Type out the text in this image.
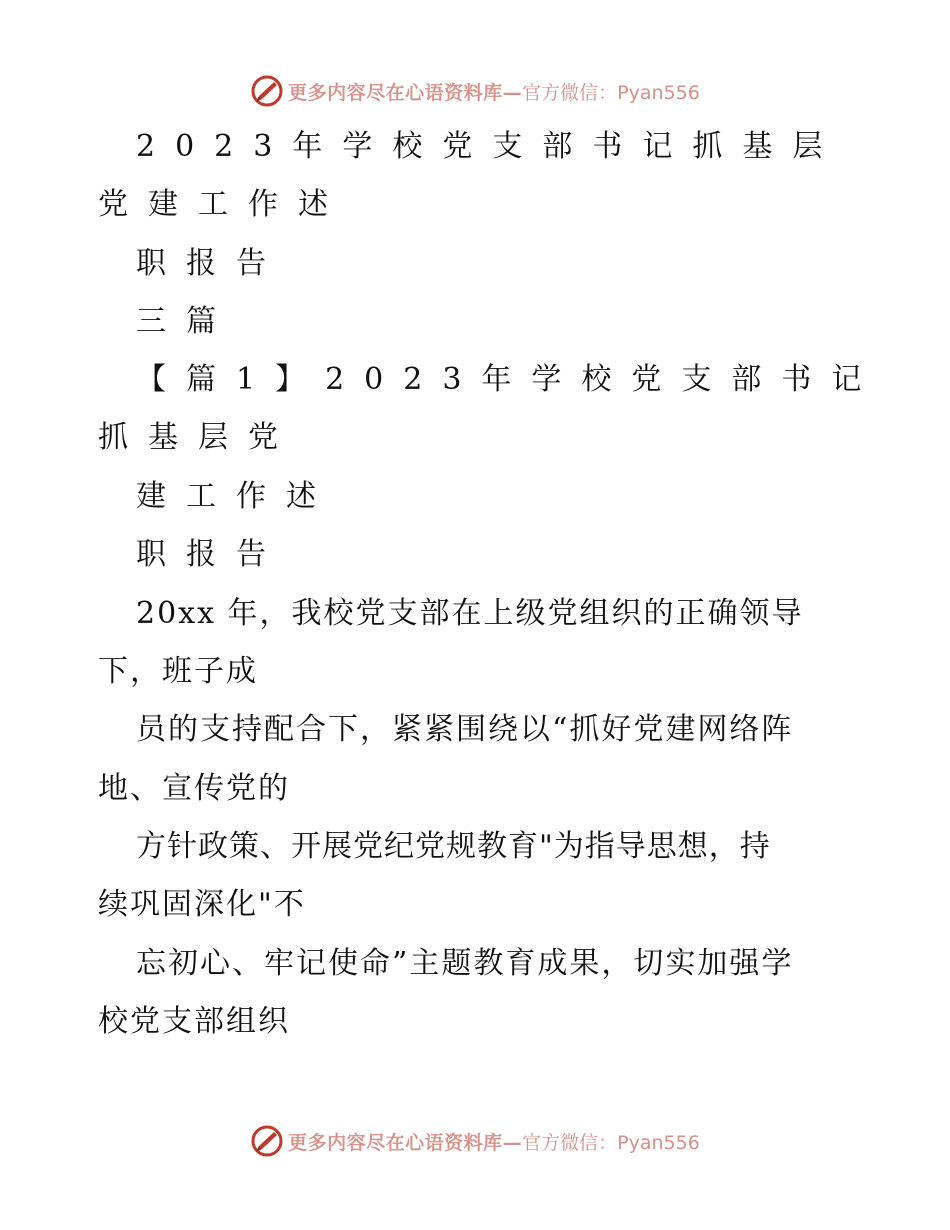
更多内容尽在心语资料库— 官方微信：Pyan556
2023年学校党支部书记抓基层
党建工作述
职报告
三篇
【篇1】2023年学校党支部书记
抓基层党
建工作述
职报告
20xx 年，我校党支部在上级党组织的正确领导
下，班子成
员的支持配合下，紧紧围绕以“抓好党建网络阵
地、宣传党的
方针政策、开展党纪党规教育"为指导思想，持
续巩固深化"不
忘初心、牢记使命”主题教育成果，切实加强学
校党支部组织
更多内容尽在心语资料库— 官方微信：Pyan556
